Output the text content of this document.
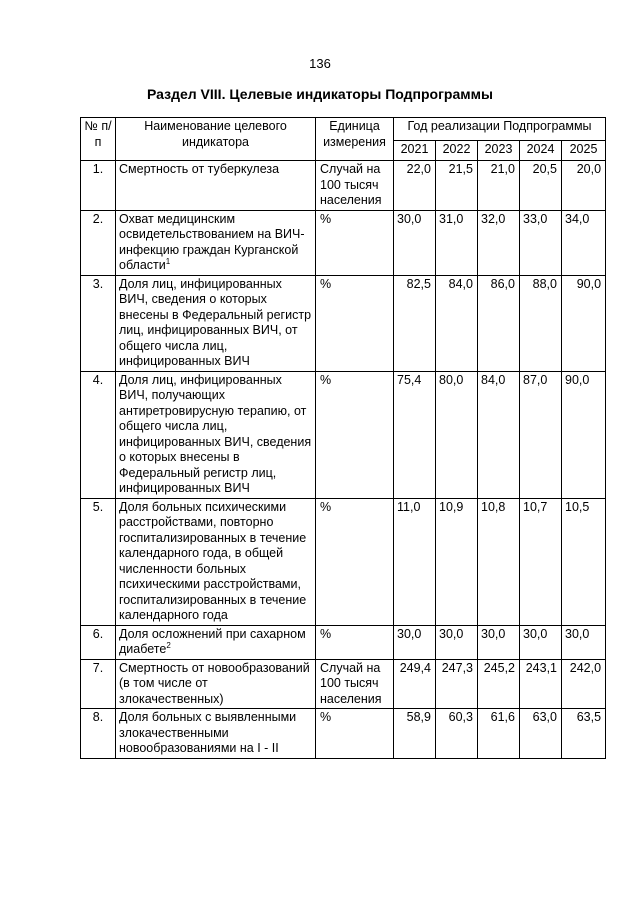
136
Раздел VIII. Целевые индикаторы Подпрограммы
№ п/п	Наименование целевого индикатора	Единица измерения	Год реализации Подпрограммы				
			2021	2022	2023	2024	2025
1.	Смертность от туберкулеза	Случай на 100 тысяч населения	22,0	21,5	21,0	20,5	20,0
2.	Охват медицинским освидетельствованием на ВИЧ-инфекцию граждан Курганской области$^1$	%	30,0	31,0	32,0	33,0	34,0
3.	Доля лиц, инфицированных ВИЧ, сведения о которых внесены в Федеральный регистр лиц, инфицированных ВИЧ, от общего числа лиц, инфицированных ВИЧ	%	82,5	84,0	86,0	88,0	90,0
4.	Доля лиц, инфицированных ВИЧ, получающих антиретровирусную терапию, от общего числа лиц, инфицированных ВИЧ, сведения о которых внесены в Федеральный регистр лиц, инфицированных ВИЧ	%	75,4	80,0	84,0	87,0	90,0
5.	Доля больных психическими расстройствами, повторно госпитализированных в течение календарного года, в общей численности больных психическими расстройствами, госпитализированных в течение календарного года	%	11,0	10,9	10,8	10,7	10,5
6.	Доля осложнений при сахарном диабете$^2$	%	30,0	30,0	30,0	30,0	30,0
7.	Смертность от новообразований (в том числе от злокачественных)	Случай на 100 тысяч населения	249,4	247,3	245,2	243,1	242,0
8.	Доля больных с выявленными злокачественными новообразованиями на I - II	%	58,9	60,3	61,6	63,0	63,5
